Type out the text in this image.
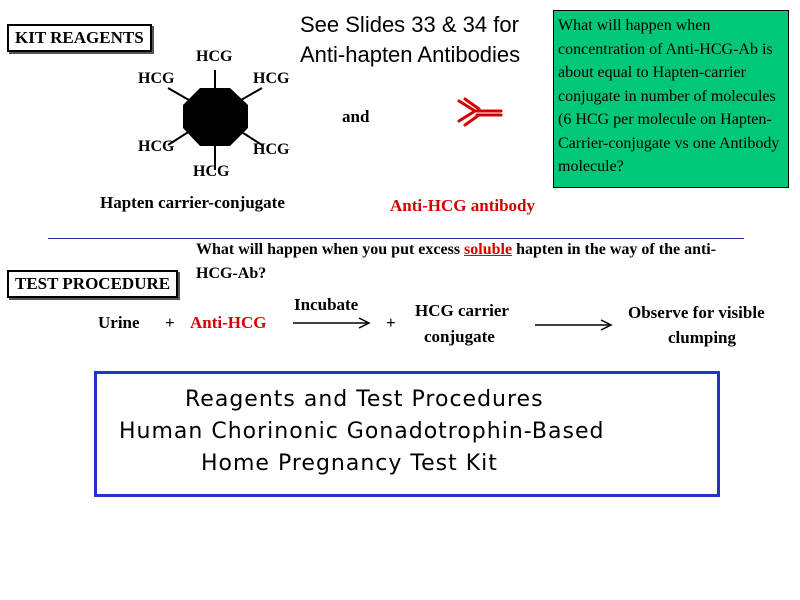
KIT REAGENTS
HCG
HCG	HCG
HCG	HCG
HCG
and
Hapten carrier-conjugate	Anti-HCG antibody
See Slides 33 & 34 for
Anti-hapten Antibodies
What will happen when concentration of Anti-HCG-Ab is about equal to Hapten-carrier conjugate in number of molecules (6 HCG per molecule on Hapten-Carrier-conjugate vs one Antibody molecule?
What will happen when you put excess soluble hapten in the way of the anti-HCG-Ab?
TEST PROCEDURE
Urine + Anti-HCG
Incubate
+
HCG carrier
conjugate
Observe for visible
clumping
Reagents and Test Procedures
Human Chorinonic Gonadotrophin-Based
Home Pregnancy Test Kit
